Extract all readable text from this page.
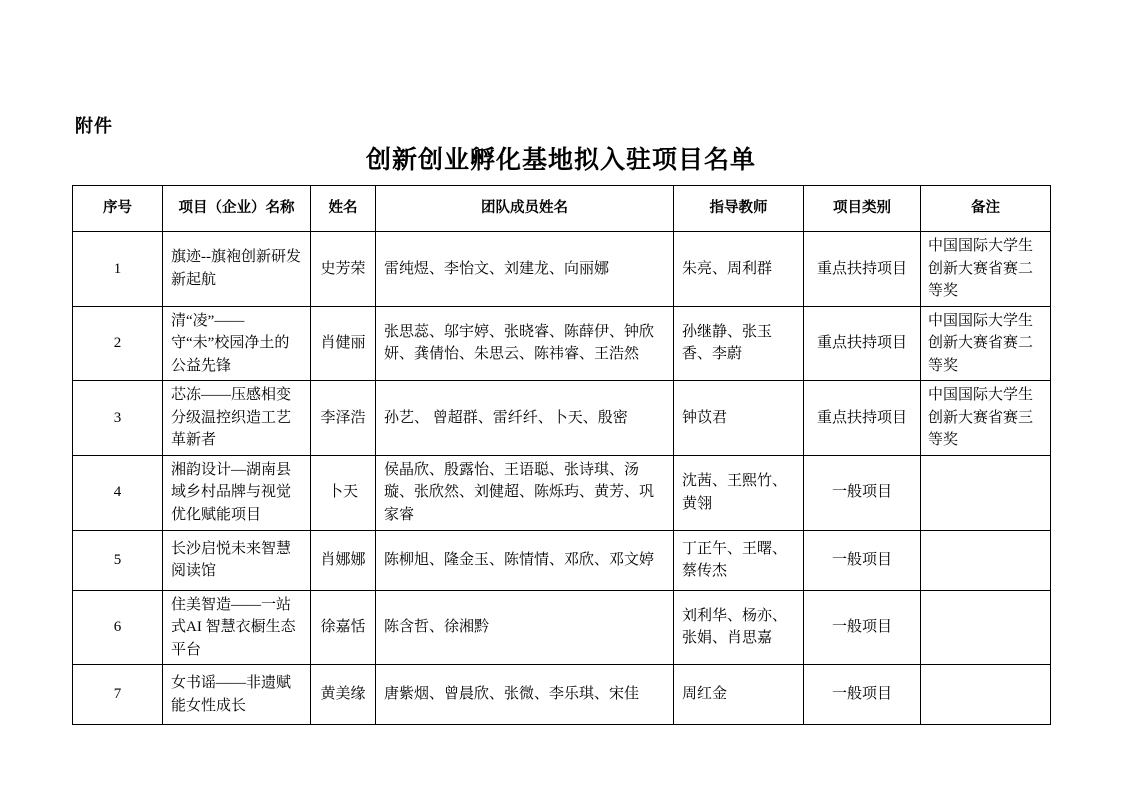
附件
创新创业孵化基地拟入驻项目名单
序号	项目（企业）名称	姓名	团队成员姓名	指导教师	项目类别	备注
1	旗迹--旗袍创新研发新起航	史芳荣	雷纯煜、李怡文、刘建龙、向丽娜	朱亮、周利群	重点扶持项目	中国国际大学生创新大赛省赛二等奖
2	清“凌”——守“未”校园净土的公益先锋	肖健丽	张思蕊、邬宇婷、张晓睿、陈薛伊、钟欣妍、龚倩怡、朱思云、陈祎睿、王浩然	孙继静、张玉香、李蔚	重点扶持项目	中国国际大学生创新大赛省赛二等奖
3	芯冻——压感相变分级温控织造工艺革新者	李泽浩	孙艺、 曾超群、雷纤纤、卜天、殷密	钟苡君	重点扶持项目	中国国际大学生创新大赛省赛三等奖
4	湘韵设计—湖南县域乡村品牌与视觉优化赋能项目	卜天	侯晶欣、殷露怡、王语聪、张诗琪、汤璇、张欣然、刘健超、陈烁玙、黄芳、巩家睿	沈茜、王熙竹、黄翎	一般项目	
5	长沙启悦未来智慧阅读馆	肖娜娜	陈柳旭、隆金玉、陈情情、邓欣、邓文婷	丁正午、王曙、蔡传杰	一般项目	
6	住美智造——一站式AI 智慧衣橱生态平台	徐嘉恬	陈含哲、徐湘黔	刘利华、杨亦、张娟、肖思嘉	一般项目	
7	女书谣——非遗赋能女性成长	黄美缘	唐紫烟、曾晨欣、张微、李乐琪、宋佳	周红金	一般项目	
